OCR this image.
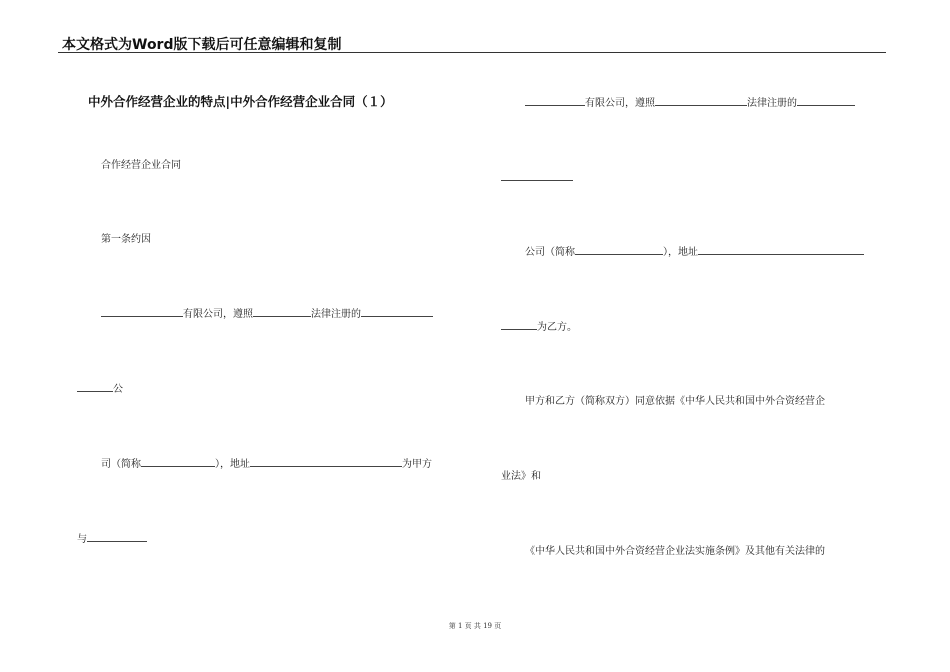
本文格式为Word版下载后可任意编辑和复制
中外合作经营企业的特点|中外合作经营企业合同（１）
合作经营企业合同
第一条约因
有限公司，遵照	法律注册的
公
司（简称	），地址	为甲方
与
有限公司，遵照	法律注册的
公司（简称	），地址
为乙方。
甲方和乙方（简称双方）同意依据《中华人民共和国中外合资经营企
业法》和
《中华人民共和国中外合资经营企业法实施条例》及其他有关法律的
第 1 页 共 19 页
